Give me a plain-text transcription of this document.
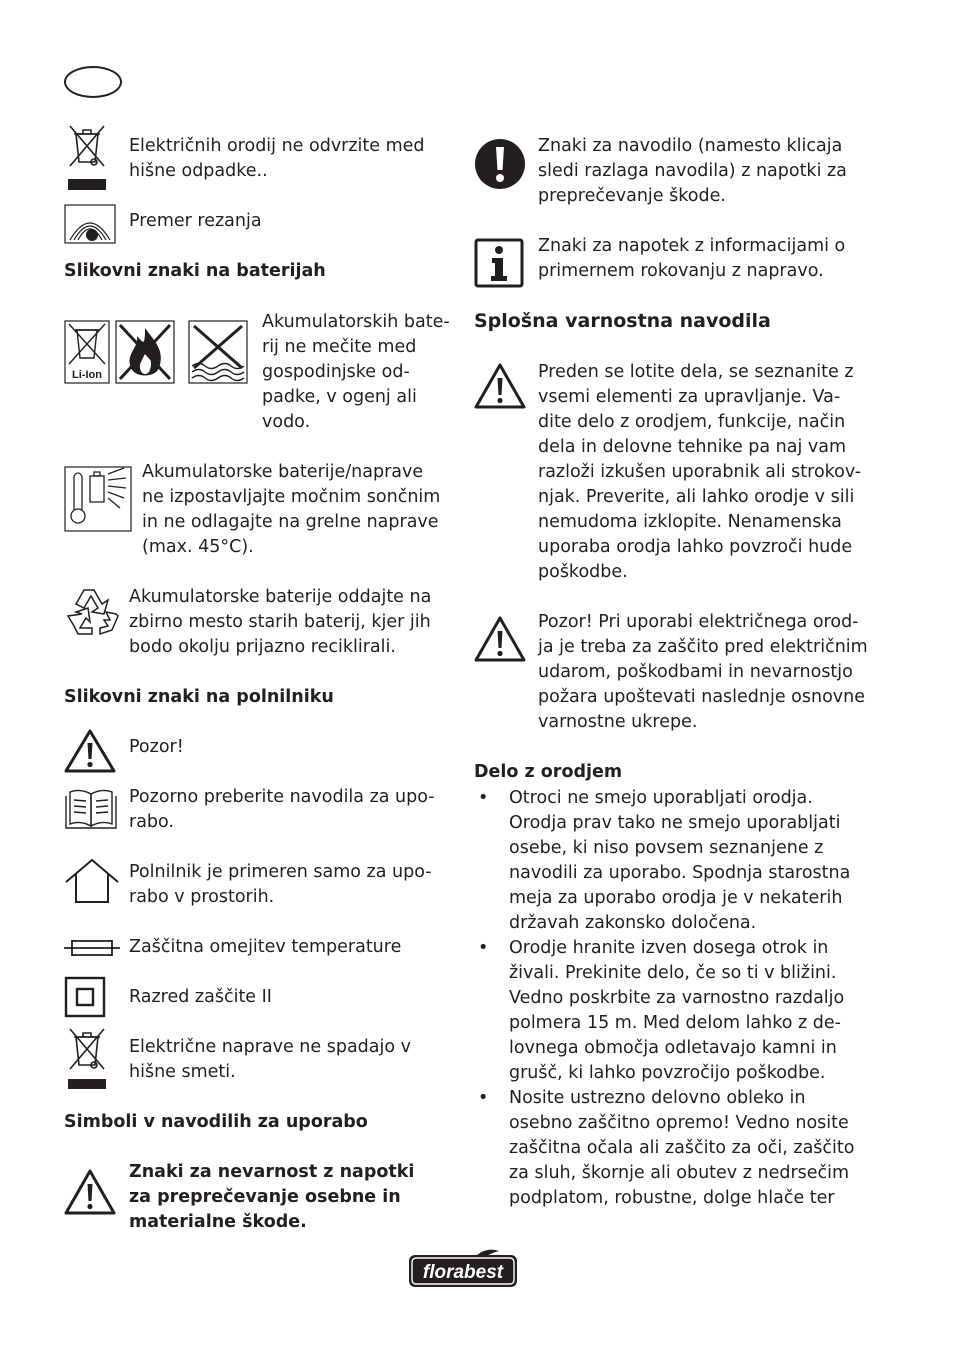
Električnih orodij ne odvrzite med
hišne odpadke..
Premer rezanja
Slikovni znaki na baterijah
Li-Ion
Akumulatorskih bate-
rij ne mečite med
gospodinjske od-
padke, v ogenj ali
vodo.
Akumulatorske baterije/naprave
ne izpostavljajte močnim sončnim
in ne odlagajte na grelne naprave
(max. 45°C).
Akumulatorske baterije oddajte na
zbirno mesto starih baterij, kjer jih
bodo okolju prijazno reciklirali.
Slikovni znaki na polnilniku
Pozor!
Pozorno preberite navodila za upo-
rabo.
Polnilnik je primeren samo za upo-
rabo v prostorih.
Zaščitna omejitev temperature
Razred zaščite II
Električne naprave ne spadajo v
hišne smeti.
Simboli v navodilih za uporabo
Znaki za nevarnost z napotki
za preprečevanje osebne in
materialne škode.
Znaki za navodilo (namesto klicaja
sledi razlaga navodila) z napotki za
preprečevanje škode.
Znaki za napotek z informacijami o
primernem rokovanju z napravo.
Splošna varnostna navodila
Preden se lotite dela, se seznanite z
vsemi elementi za upravljanje. Va-
dite delo z orodjem, funkcije, način
dela in delovne tehnike pa naj vam
razloži izkušen uporabnik ali strokov-
njak. Preverite, ali lahko orodje v sili
nemudoma izklopite. Nenamenska
uporaba orodja lahko povzroči hude
poškodbe.
Pozor! Pri uporabi električnega orod-
ja je treba za zaščito pred električnim
udarom, poškodbami in nevarnostjo
požara upoštevati naslednje osnovne
varnostne ukrepe.
Delo z orodjem
• Otroci ne smejo uporabljati orodja.
Orodja prav tako ne smejo uporabljati
osebe, ki niso povsem seznanjene z
navodili za uporabo. Spodnja starostna
meja za uporabo orodja je v nekaterih
državah zakonsko določena.
• Orodje hranite izven dosega otrok in
živali. Prekinite delo, če so ti v bližini.
Vedno poskrbite za varnostno razdaljo
polmera 15 m. Med delom lahko z de-
lovnega območja odletavajo kamni in
grušč, ki lahko povzročijo poškodbe.
• Nosite ustrezno delovno obleko in
osebno zaščitno opremo! Vedno nosite
zaščitna očala ali zaščito za oči, zaščito
za sluh, škornje ali obutev z nedrsečim
podplatom, robustne, dolge hlače ter
florabest
